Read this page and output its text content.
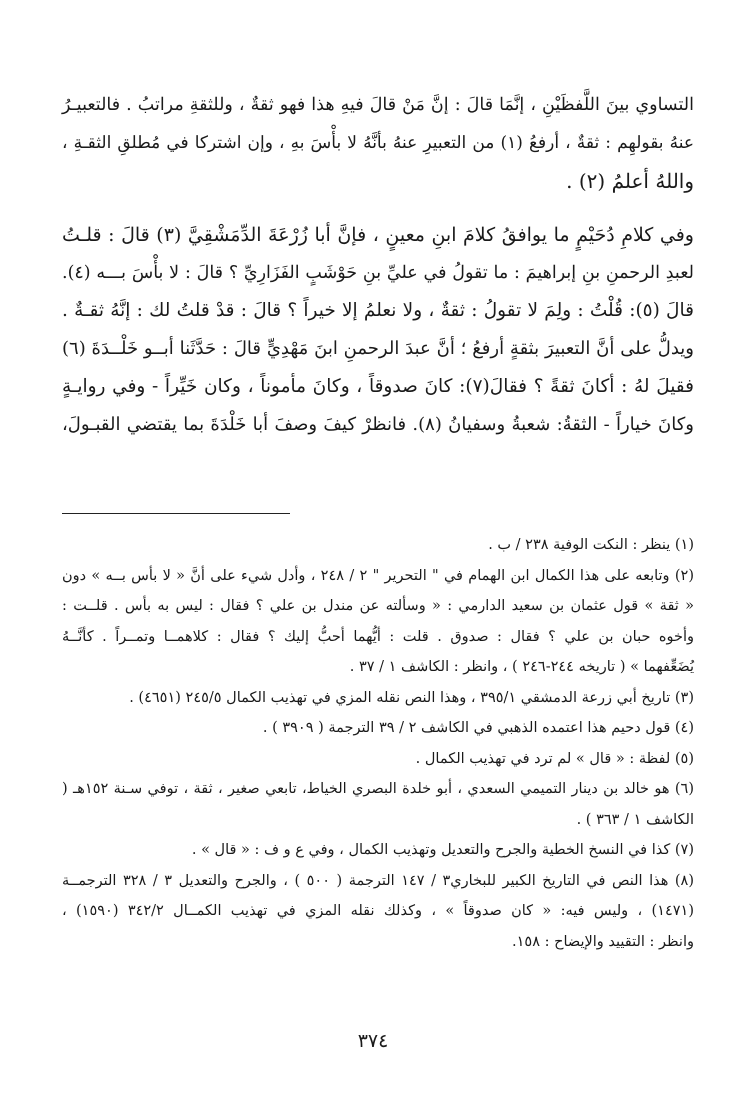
التساوي بينَ اللَّفظَيْنِ ، إنَّمَا قالَ : إنَّ مَنْ قالَ فيهِ هذا فهو ثقةٌ ، وللثقةِ مراتبُ . فالتعبيـرُ
عنهُ بقولهِم : ثقةٌ ، أرفعُ (١) من التعبيرِ عنهُ بأنَّهُ لا بأْسَ بهِ ، وإن اشتركا في مُطلقِ الثقـةِ ،
واللهُ أعلمُ (٢) .
وفي كلامِ دُحَيْمٍ ما يوافقُ كلامَ ابنِ معينٍ ، فإنَّ أبا زُرْعَةَ الدِّمَشْقِيَّ (٣) قالَ : قلـتُ
لعبدِ الرحمنِ بنِ إبراهيمَ : ما تقولُ في عليِّ بنِ حَوْشَبٍ الفَزَارِيِّ ؟ قالَ : لا بأْسَ بـــه (٤).
قالَ (٥): قُلْتُ : ولِمَ لا تقولُ : ثقةٌ ، ولا نعلمُ إلا خيراً ؟ قالَ : قدْ قلتُ لك : إنَّهُ ثقـةٌ .
ويدلُّ على أنَّ التعبيرَ بثقةٍ أرفعُ ؛ أنَّ عبدَ الرحمنِ ابنَ مَهْدِيٍّ قالَ : حَدَّثَنا أبــو خَلْــدَةَ (٦)
فقيلَ لهُ : أكانَ ثقةً ؟ فقالَ(٧): كانَ صدوقاً ، وكانَ مأموناً ، وكان خَيِّراً - وفي روايـةٍ
وكانَ خياراً - الثقةُ: شعبةُ وسفيانُ (٨). فانظرْ كيفَ وصفَ أبا خَلْدَةَ بما يقتضي القبـولَ،
(١) ينظر : النكت الوفية ٢٣٨ / ب .
(٢) وتابعه على هذا الكمال ابن الهمام في " التحرير " ٢ / ٢٤٨ ، وأدل شيء على أنَّ « لا بأس بــه » دون
« ثقة » قول عثمان بن سعيد الدارمي : « وسألته عن مندل بن علي ؟ فقال : ليس به بأس . قلــت :
وأخوه حبان بن علي ؟ فقال : صدوق . قلت : أيُّهما أحبُّ إليك ؟ فقال : كلاهمــا وتمــراً . كأنَّــهُ
يُضَعِّفهما » ( تاريخه ٢٤٤-٢٤٦ ) ، وانظر : الكاشف ١ / ٣٧ .
(٣) تاريخ أبي زرعة الدمشقي ٣٩٥/١ ، وهذا النص نقله المزي في تهذيب الكمال ٢٤٥/٥ (٤٦٥١) .
(٤) قول دحيم هذا اعتمده الذهبي في الكاشف ٢ / ٣٩ الترجمة ( ٣٩٠٩ ) .
(٥) لفظة : « قال » لم ترد في تهذيب الكمال .
(٦) هو خالد بن دينار التميمي السعدي ، أبو خلدة البصري الخياط، تابعي صغير ، ثقة ، توفي سـنة ١٥٢هـ (
الكاشف ١ / ٣٦٣ ) .
(٧) كذا في النسخ الخطية والجرح والتعديل وتهذيب الكمال ، وفي ع و ف : « قال » .
(٨) هذا النص في التاريخ الكبير للبخاري٣ / ١٤٧ الترجمة ( ٥٠٠ ) ، والجرح والتعديل ٣ / ٣٢٨ الترجمــة
(١٤٧١) ، وليس فيه: « كان صدوقاً » ، وكذلك نقله المزي في تهذيب الكمــال ٣٤٢/٢ (١٥٩٠) ،
وانظر : التقييد والإيضاح : ١٥٨.
٣٧٤
